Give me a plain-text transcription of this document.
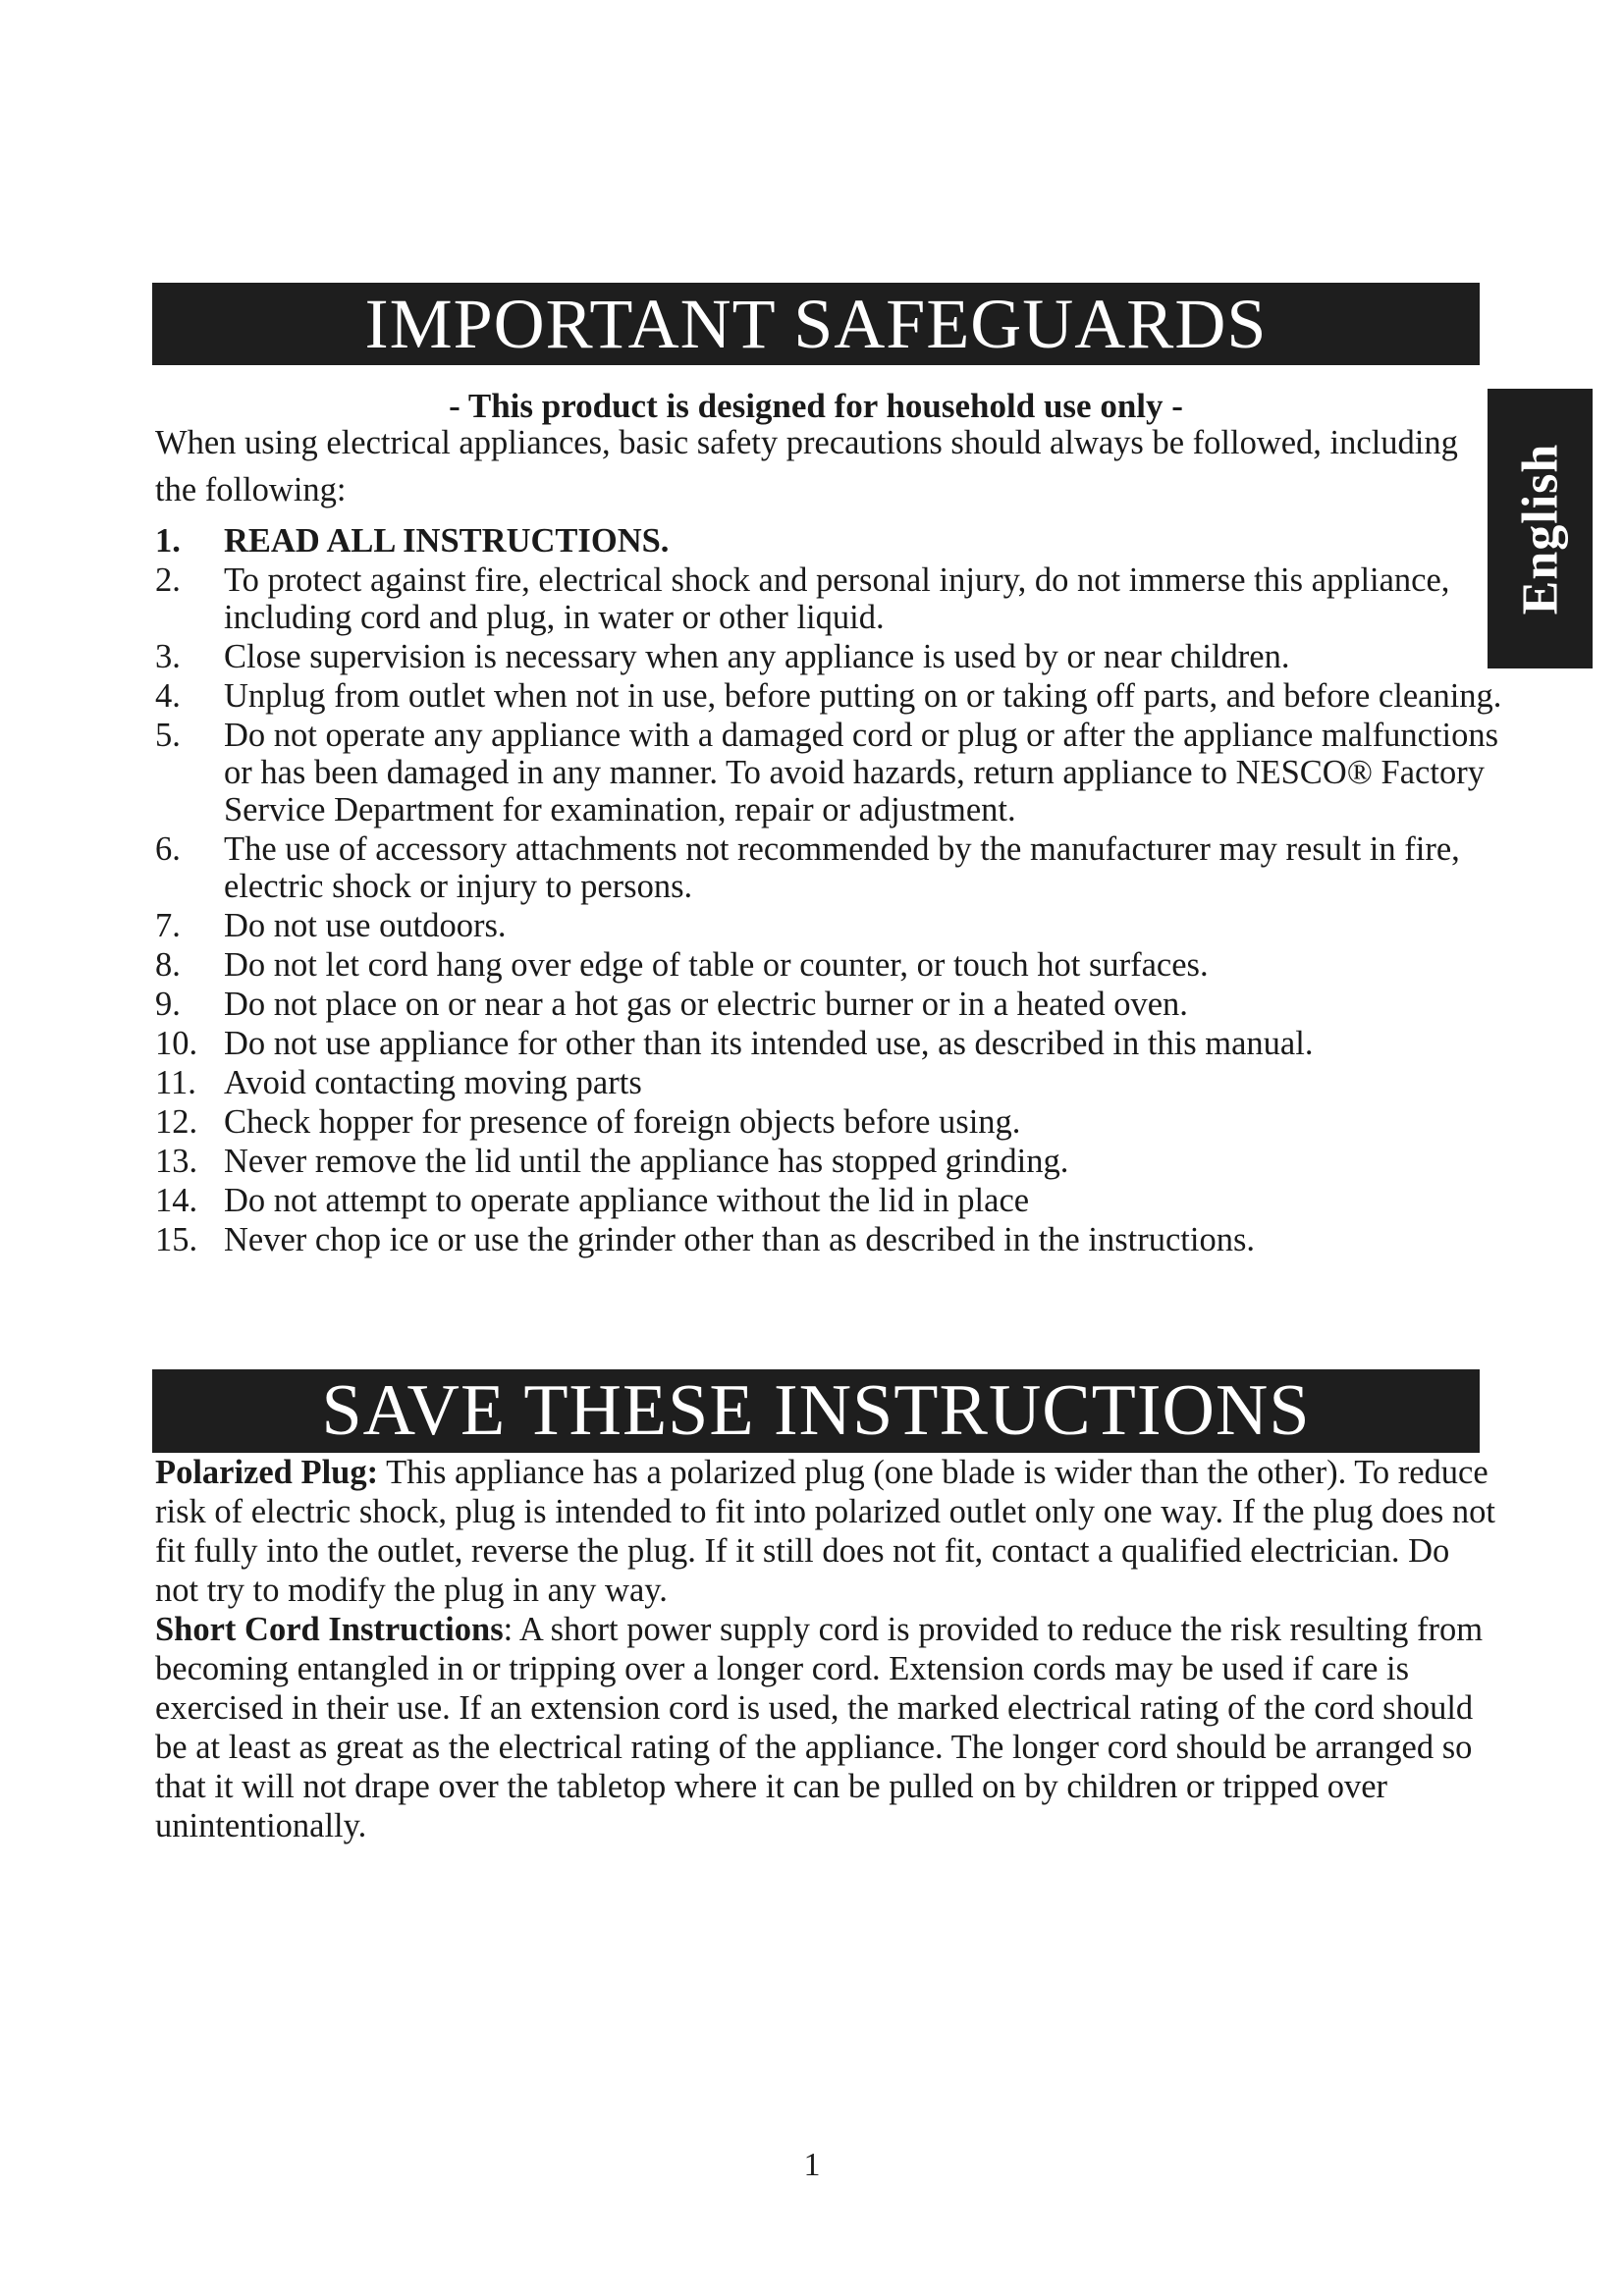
IMPORTANT SAFEGUARDS
English
- This product is designed for household use only -
When using electrical appliances, basic safety precautions should always be followed, including the following:
1. READ ALL INSTRUCTIONS.
2. To protect against fire, electrical shock and personal injury, do not immerse this appliance, including cord and plug, in water or other liquid.
3. Close supervision is necessary when any appliance is used by or near children.
4. Unplug from outlet when not in use, before putting on or taking off parts, and before cleaning.
5. Do not operate any appliance with a damaged cord or plug or after the appliance malfunctions or has been damaged in any manner. To avoid hazards, return appliance to NESCO® Factory Service Department for examination, repair or adjustment.
6. The use of accessory attachments not recommended by the manufacturer may result in fire, electric shock or injury to persons.
7. Do not use outdoors.
8. Do not let cord hang over edge of table or counter, or touch hot surfaces.
9. Do not place on or near a hot gas or electric burner or in a heated oven.
10. Do not use appliance for other than its intended use, as described in this manual.
11. Avoid contacting moving parts
12. Check hopper for presence of foreign objects before using.
13. Never remove the lid until the appliance has stopped grinding.
14. Do not attempt to operate appliance without the lid in place
15. Never chop ice or use the grinder other than as described in the instructions.
SAVE THESE INSTRUCTIONS

Polarized Plug: This appliance has a polarized plug (one blade is wider than the other). To reduce risk of electric shock, plug is intended to fit into polarized outlet only one way. If the plug does not fit fully into the outlet, reverse the plug. If it still does not fit, contact a qualified electrician. Do not try to modify the plug in any way.

Short Cord Instructions: A short power supply cord is provided to reduce the risk resulting from becoming entangled in or tripping over a longer cord. Extension cords may be used if care is exercised in their use. If an extension cord is used, the marked electrical rating of the cord should be at least as great as the electrical rating of the appliance. The longer cord should be arranged so that it will not drape over the tabletop where it can be pulled on by children or tripped over unintentionally.

1
